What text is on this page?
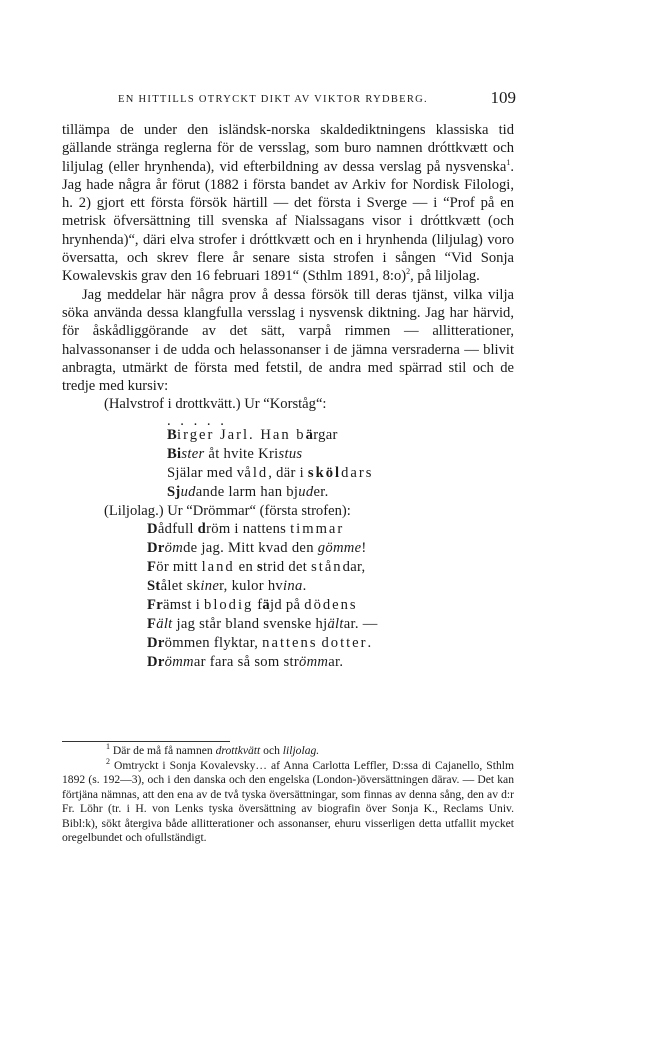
EN HITTILLS OTRYCKT DIKT AV VIKTOR RYDBERG.	109

tillämpa de under den isländsk-norska skaldediktningens klassiska tid gällande stränga reglerna för de versslag, som buro namnen dróttkvætt och liljulag (eller hrynhenda), vid efterbildning av dessa verslag på nysvenska$^1$. Jag hade några år förut (1882 i första bandet av Arkiv for Nordisk Filologi, h. 2) gjort ett första försök härtill — det första i Sverge — i “Prof på en metrisk öfversättning till svenska af Nialssagans visor i dróttkvætt (och hrynhenda)“, däri elva strofer i dróttkvætt och en i hrynhenda (liljulag) voro översatta, och skrev flere år senare sista strofen i sången “Vid Sonja Kowalevskis grav den 16 februari 1891“ (Sthlm 1891, 8:o)$^2$, på liljolag.

Jag meddelar här några prov å dessa försök till deras tjänst, vilka vilja söka använda dessa klangfulla versslag i nysvensk diktning. Jag har härvid, för åskådliggörande av det sätt, varpå rimmen — allitterationer, halvassonanser i de udda och helassonanser i de jämna versraderna — blivit anbragta, utmärkt de första med fetstil, de andra med spärrad stil och de tredje med kursiv:

(Halvstrof i drottkvätt.) Ur “Korståg“:
. . . . .
Birger Jarl. Han bärgar
Bister åt hvite Kristus
Själar med våld, där i sköldars
Sjudande larm han bjuder.
(Liljolag.) Ur “Drömmar“ (första strofen):
Dådfull dröm i nattens timmar
Drömde jag. Mitt kvad den gömme!
För mitt land en strid det ståndar,
Stålet skiner, kulor hvina.
Främst i blodig fäjd på dödens
Fält jag står bland svenske hjältar. —
Drömmen flyktar, nattens dotter.
Drömmar fara så som strömmar.

$^1$ Där de må få namnen drottkvätt och liljolag.

$^2$ Omtryckt i Sonja Kovalevsky… af Anna Carlotta Leffler, D:ssa di Cajanello, Sthlm 1892 (s. 192—3), och i den danska och den engelska (London-)översättningen därav. — Det kan förtjäna nämnas, att den ena av de två tyska översättningar, som finnas av denna sång, den av d:r Fr. Löhr (tr. i H. von Lenks tyska översättning av biografin över Sonja K., Reclams Univ. Bibl:k), sökt återgiva både allitterationer och assonanser, ehuru visserligen detta utfallit mycket oregelbundet och ofullständigt.
